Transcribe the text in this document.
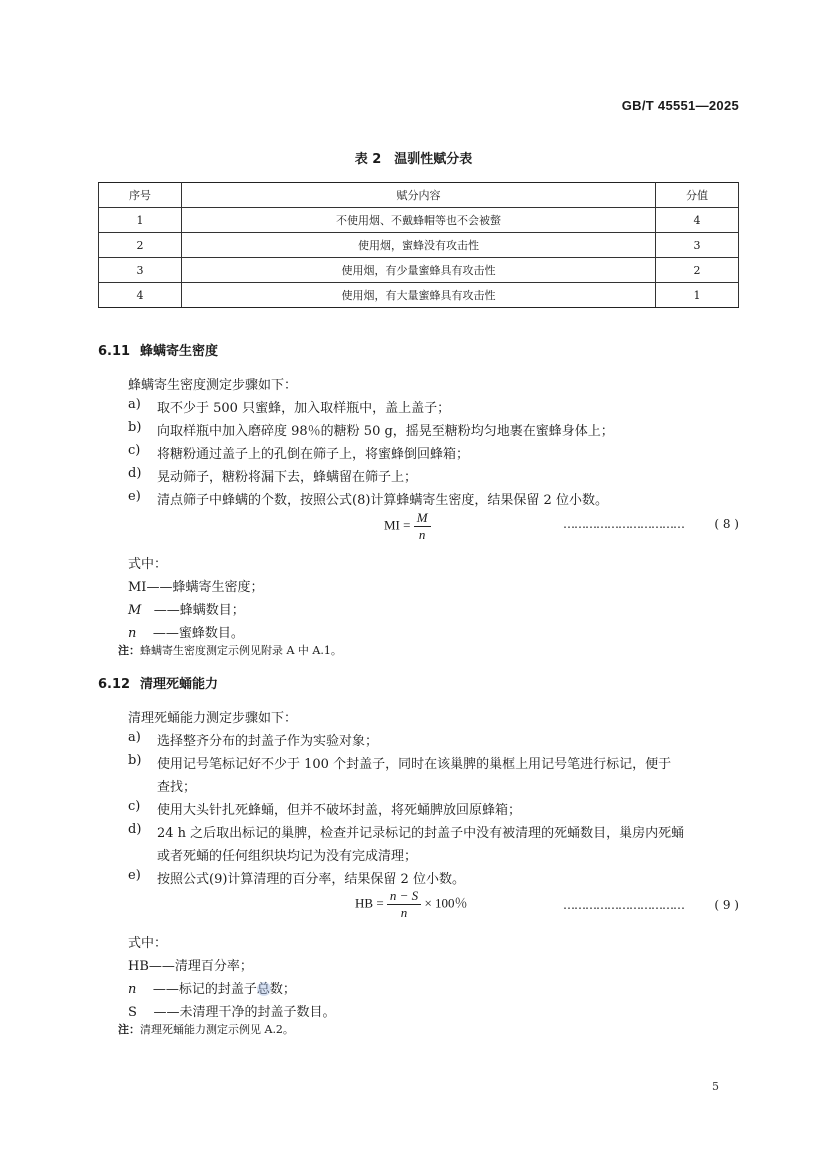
GB/T 45551—2025
表 2　温驯性赋分表
序号	赋分内容	分值
1	不使用烟、不戴蜂帽等也不会被螫	4
2	使用烟，蜜蜂没有攻击性	3
3	使用烟，有少量蜜蜂具有攻击性	2
4	使用烟，有大量蜜蜂具有攻击性	1
6.11 蜂螨寄生密度
蜂螨寄生密度测定步骤如下：
a) 取不少于 500 只蜜蜂，加入取样瓶中，盖上盖子；
b) 向取样瓶中加入磨碎度 98％的糖粉 50 g，摇晃至糖粉均匀地裹在蜜蜂身体上；
c) 将糖粉通过盖子上的孔倒在筛子上，将蜜蜂倒回蜂箱；
d) 晃动筛子，糖粉将漏下去，蜂螨留在筛子上；
e) 清点筛子中蜂螨的个数，按照公式(8)计算蜂螨寄生密度，结果保留 2 位小数。
MI = $\frac{M}{n}$	……………………………	( 8 )
式中：
MI——蜂螨寄生密度；
M ——蜂螨数目；
n ——蜜蜂数目。
注：蜂螨寄生密度测定示例见附录 A 中 A.1。
6.12 清理死蛹能力
清理死蛹能力测定步骤如下：
a) 选择整齐分布的封盖子作为实验对象；
b) 使用记号笔标记好不少于 100 个封盖子，同时在该巢脾的巢框上用记号笔进行标记，便于
查找；
c) 使用大头针扎死蜂蛹，但并不破坏封盖，将死蛹脾放回原蜂箱；
d) 24 h 之后取出标记的巢脾，检查并记录标记的封盖子中没有被清理的死蛹数目，巢房内死蛹
或者死蛹的任何组织块均记为没有完成清理；
e) 按照公式(9)计算清理的百分率，结果保留 2 位小数。
HB = $\frac{n - S}{n} \times 100$％	……………………………	( 9 )
式中：
HB——清理百分率；
n ——标记的封盖子总数；
S ——未清理干净的封盖子数目。
注：清理死蛹能力测定示例见 A.2。
5
